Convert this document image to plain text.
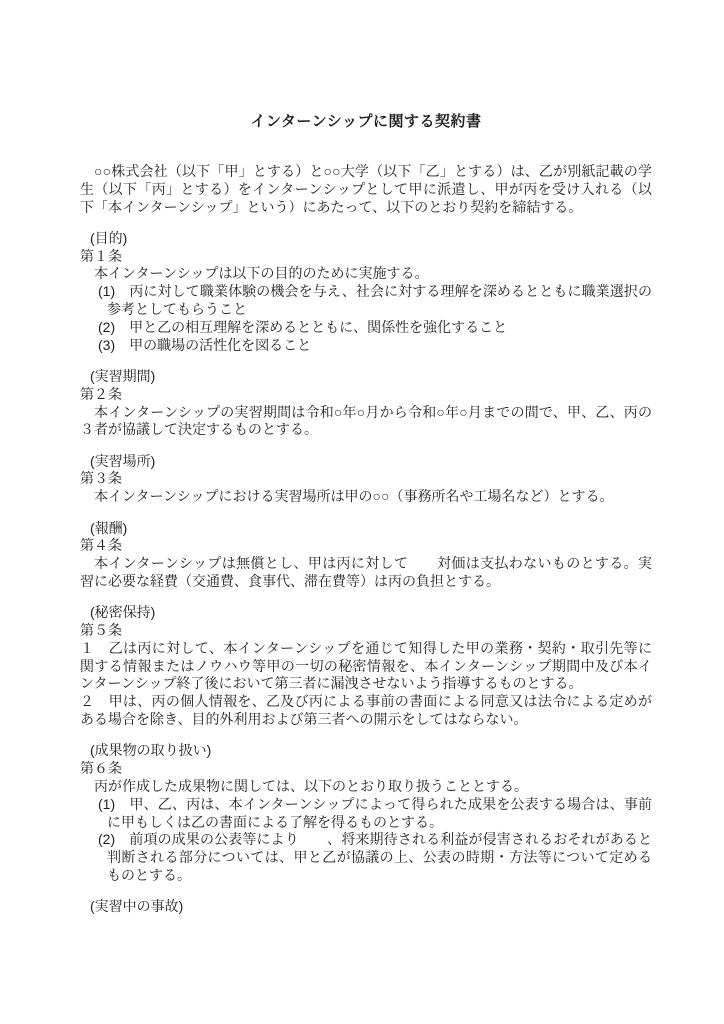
インターンシップに関する契約書

○○株式会社（以下「甲」とする）と○○大学（以下「乙」とする）は、乙が別紙記載の学生（以下「丙」とする）をインターンシップとして甲に派遣し、甲が丙を受け入れる（以下「本インターンシップ」という）にあたって、以下のとおり契約を締結する。

(目的)

第１条

本インターンシップは以下の目的のために実施する。

(1)　丙に対して職業体験の機会を与え、社会に対する理解を深めるとともに職業選択の参考としてもらうこと

(2)　甲と乙の相互理解を深めるとともに、関係性を強化すること

(3)　甲の職場の活性化を図ること

(実習期間)

第２条

本インターンシップの実習期間は令和○年○月から令和○年○月までの間で、甲、乙、丙の３者が協議して決定するものとする。

(実習場所)

第３条

本インターンシップにおける実習場所は甲の○○（事務所名や工場名など）とする。

(報酬)

第４条

本インターンシップは無償とし、甲は丙に対して　　対価は支払わないものとする。実習に必要な経費（交通費、食事代、滞在費等）は丙の負担とする。

(秘密保持)

第５条

１　乙は丙に対して、本インターンシップを通じて知得した甲の業務・契約・取引先等に関する情報またはノウハウ等甲の一切の秘密情報を、本インターンシップ期間中及び本インターンシップ終了後において第三者に漏洩させないよう指導するものとする。

２　甲は、丙の個人情報を、乙及び丙による事前の書面による同意又は法令による定めがある場合を除き、目的外利用および第三者への開示をしてはならない。

(成果物の取り扱い)

第６条

丙が作成した成果物に関しては、以下のとおり取り扱うこととする。

(1)　甲、乙、丙は、本インターンシップによって得られた成果を公表する場合は、事前に甲もしくは乙の書面による了解を得るものとする。

(2)　前項の成果の公表等により　　、将来期待される利益が侵害されるおそれがあると判断される部分については、甲と乙が協議の上、公表の時期・方法等について定めるものとする。

(実習中の事故)
